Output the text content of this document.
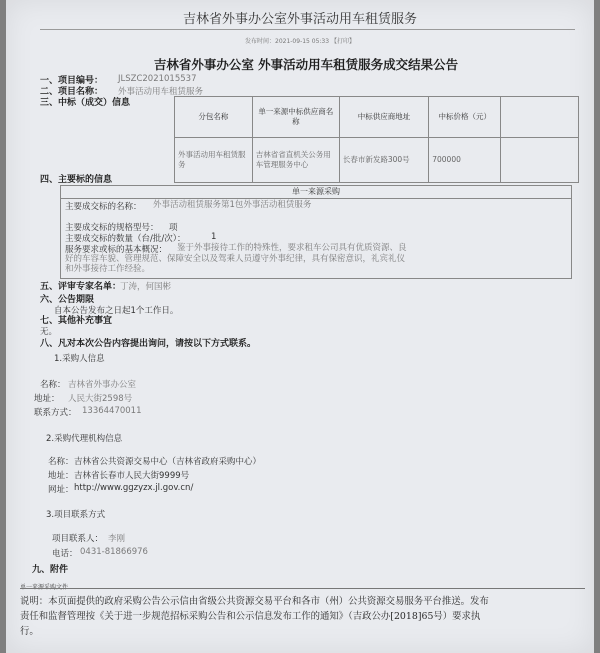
吉林省外事办公室外事活动用车租赁服务
发布时间：2021-09-15 05:33 【打印】
吉林省外事办公室 外事活动用车租赁服务成交结果公告
一、项目编号： JLSZC2021015537
二、项目名称： 外事活动用车租赁服务
三、中标（成交）信息
分包名称	单一来源中标供应商名称	中标供应商地址	中标价格（元）	
外事活动用车租赁服务	吉林省省直机关公务用车管理服务中心	长春市新发路300号	700000	
四、主要标的信息
单一来源采购
主要成交标的名称： 外事活动租赁服务第1包外事活动租赁服务
主要成交标的规格型号： 项
主要成交标的数量（台/批/次）：	1
服务要求或标的基本概况：	鉴于外事接待工作的特殊性，要求租车公司具有优质资源、良好的车容车貌、管理规范、保障安全以及驾乘人员遵守外事纪律，具有保密意识，礼宾礼仪和外事接待工作经验。
五、评审专家名单：
丁涛，何国彬
六、公告期限
自本公告发布之日起1个工作日。
七、其他补充事宜
无。
八、凡对本次公告内容提出询问，请按以下方式联系。
1.采购人信息
名称： 吉林省外事办公室
地址： 人民大街2598号
联系方式： 13364470011
2.采购代理机构信息
名称： 吉林省公共资源交易中心（吉林省政府采购中心）
地址： 吉林省长春市人民大街9999号
网址： http://www.ggzyzx.jl.gov.cn/
3.项目联系方式
项目联系人： 李刚
电话： 0431-81866976
九、附件
单一来源采购文件
说明：本页面提供的政府采购公告公示信由省级公共资源交易平台和各市（州）公共资源交易服务平台推送。发布
责任和监督管理按《关于进一步规范招标采购公告和公示信息发布工作的通知》（吉政公办[2018]65号）要求执
行。
